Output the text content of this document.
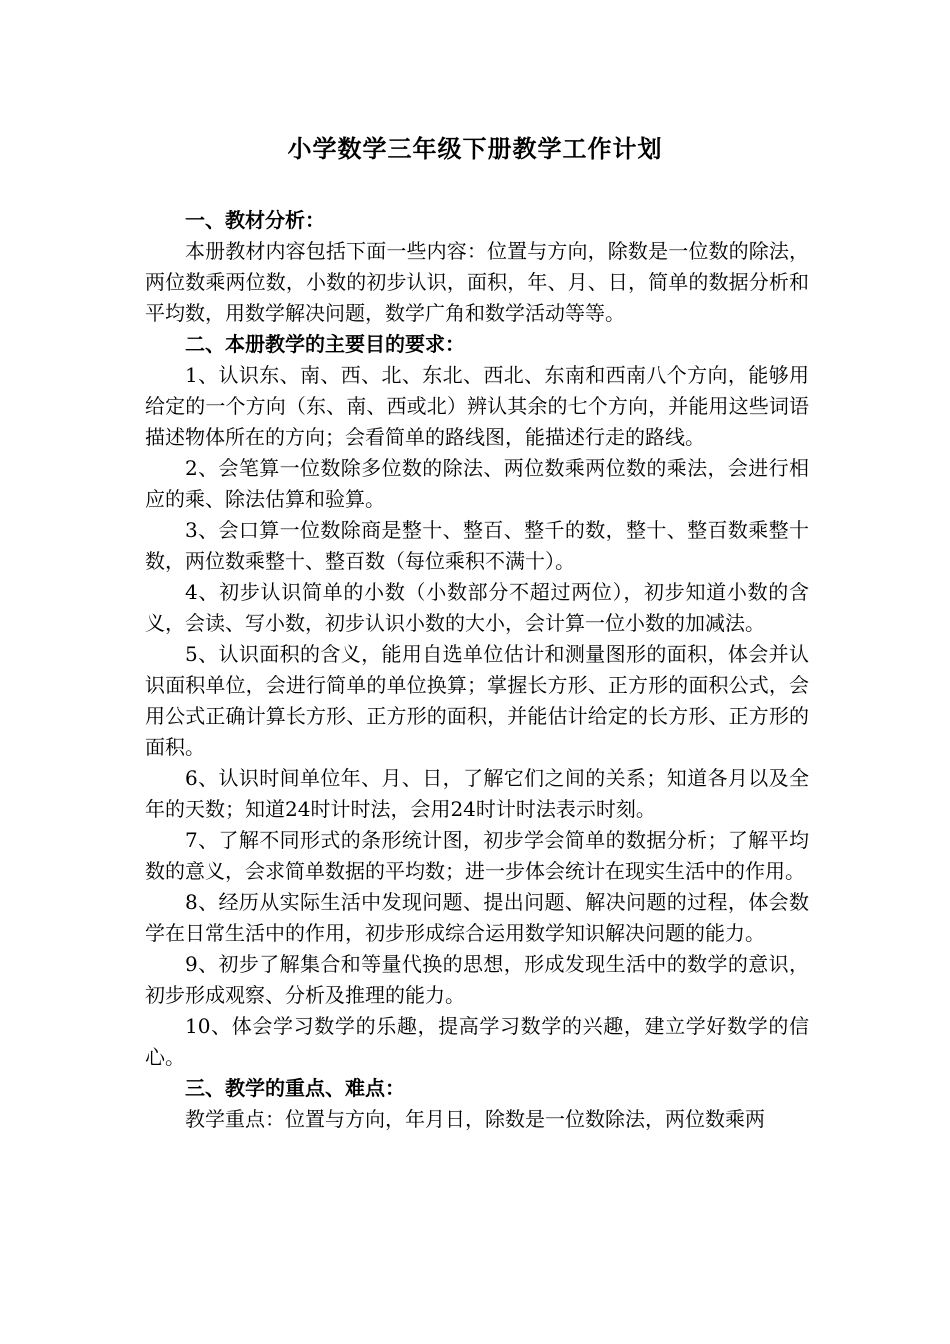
小学数学三年级下册教学工作计划

一、教材分析：

本册教材内容包括下面一些内容：位置与方向，除数是一位数的除法，两位数乘两位数，小数的初步认识，面积，年、月、日，简单的数据分析和平均数，用数学解决问题，数学广角和数学活动等等。

二、本册教学的主要目的要求：

1、认识东、南、西、北、东北、西北、东南和西南八个方向，能够用给定的一个方向（东、南、西或北）辨认其余的七个方向，并能用这些词语描述物体所在的方向；会看简单的路线图，能描述行走的路线。

2、会笔算一位数除多位数的除法、两位数乘两位数的乘法，会进行相应的乘、除法估算和验算。

3、会口算一位数除商是整十、整百、整千的数，整十、整百数乘整十数，两位数乘整十、整百数（每位乘积不满十）。

4、初步认识简单的小数（小数部分不超过两位），初步知道小数的含义，会读、写小数，初步认识小数的大小，会计算一位小数的加减法。

5、认识面积的含义，能用自选单位估计和测量图形的面积，体会并认识面积单位，会进行简单的单位换算；掌握长方形、正方形的面积公式，会用公式正确计算长方形、正方形的面积，并能估计给定的长方形、正方形的面积。

6、认识时间单位年、月、日，了解它们之间的关系；知道各月以及全年的天数；知道24时计时法，会用24时计时法表示时刻。

7、了解不同形式的条形统计图，初步学会简单的数据分析；了解平均数的意义，会求简单数据的平均数；进一步体会统计在现实生活中的作用。

8、经历从实际生活中发现问题、提出问题、解决问题的过程，体会数学在日常生活中的作用，初步形成综合运用数学知识解决问题的能力。

9、初步了解集合和等量代换的思想，形成发现生活中的数学的意识，初步形成观察、分析及推理的能力。

10、体会学习数学的乐趣，提高学习数学的兴趣，建立学好数学的信心。

三、教学的重点、难点：

教学重点：位置与方向，年月日，除数是一位数除法，两位数乘两
